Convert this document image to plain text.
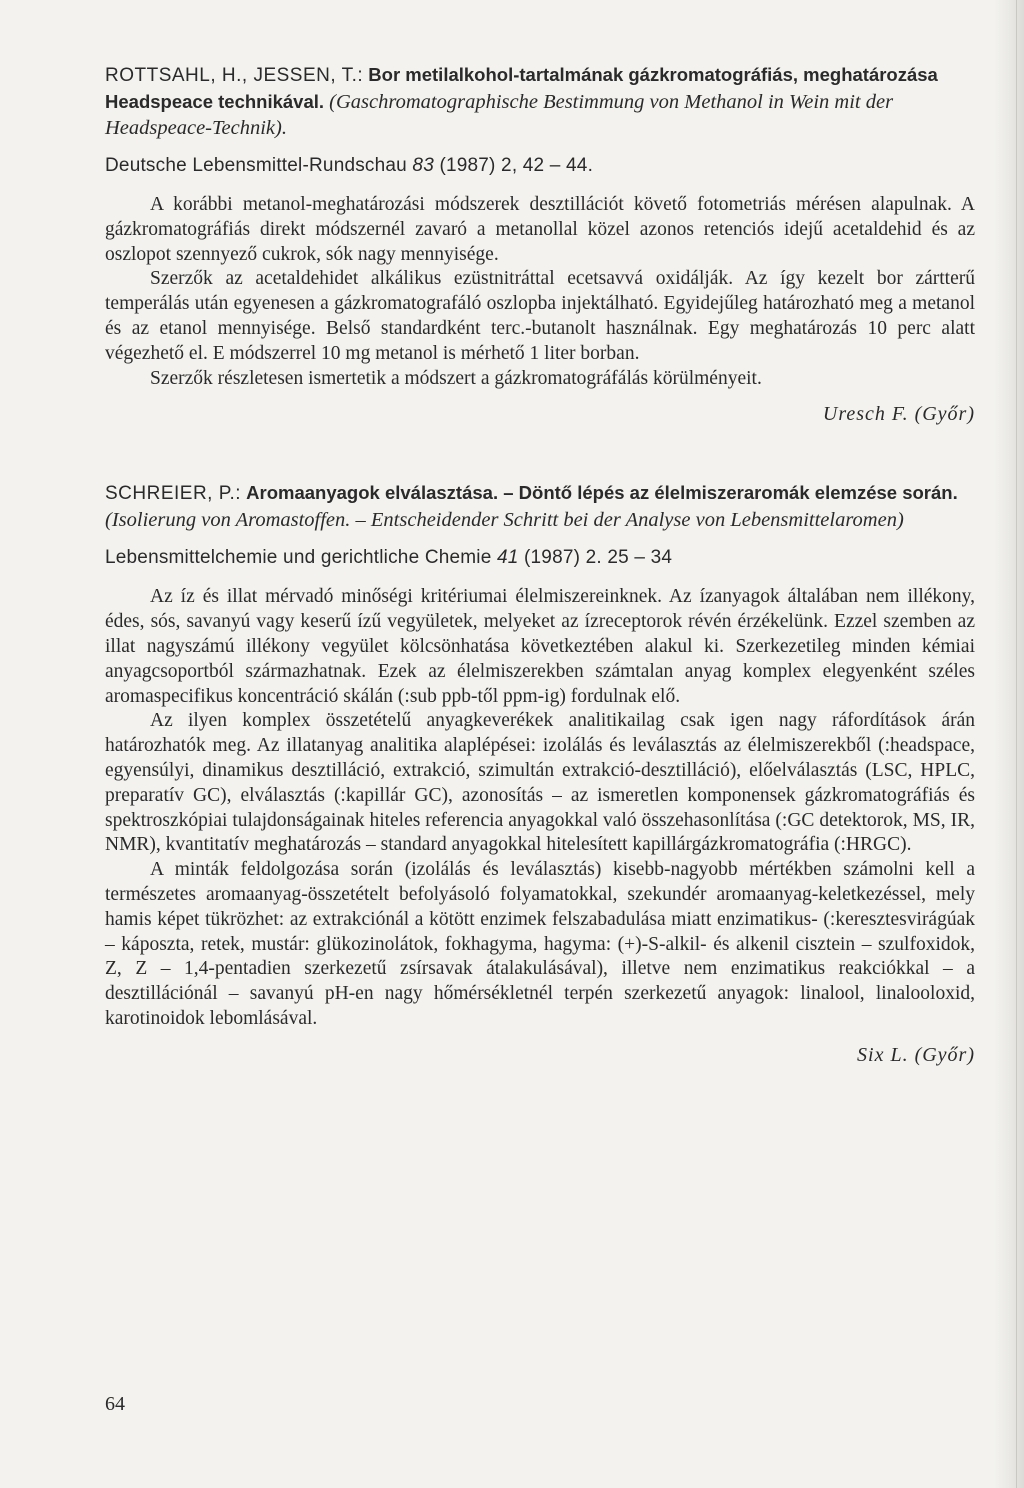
ROTTSAHL, H., JESSEN, T.: Bor metilalkohol-tartalmának gázkromatográfiás, meghatározása Headspeace technikával. (Gaschromatographische Bestimmung von Methanol in Wein mit der Headspeace-Technik).

Deutsche Lebensmittel-Rundschau 83 (1987) 2, 42 – 44.

A korábbi metanol-meghatározási módszerek desztillációt követő fotometriás mérésen alapulnak. A gázkromatográfiás direkt módszernél zavaró a metanollal közel azonos retenciós idejű acetaldehid és az oszlopot szennyező cukrok, sók nagy mennyisége.

Szerzők az acetaldehidet alkálikus ezüstnitráttal ecetsavvá oxidálják. Az így kezelt bor zártterű temperálás után egyenesen a gázkromatografáló oszlopba injektálható. Egyidejűleg határozható meg a metanol és az etanol mennyisége. Belső standardként terc.-butanolt használnak. Egy meghatározás 10 perc alatt végezhető el. E módszerrel 10 mg metanol is mérhető 1 liter borban.

Szerzők részletesen ismertetik a módszert a gázkromatográfálás körülményeit.

Uresch F. (Győr)

SCHREIER, P.: Aromaanyagok elválasztása. – Döntő lépés az élelmiszeraromák elemzése során. (Isolierung von Aromastoffen. – Entscheidender Schritt bei der Analyse von Lebensmittelaromen)

Lebensmittelchemie und gerichtliche Chemie 41 (1987) 2. 25 – 34

Az íz és illat mérvadó minőségi kritériumai élelmiszereinknek. Az ízanyagok általában nem illékony, édes, sós, savanyú vagy keserű ízű vegyületek, melyeket az ízreceptorok révén érzékelünk. Ezzel szemben az illat nagyszámú illékony vegyület kölcsönhatása következtében alakul ki. Szerkezetileg minden kémiai anyagcsoportból származhatnak. Ezek az élelmiszerekben számtalan anyag komplex elegyenként széles aromaspecifikus koncentráció skálán (:sub ppb-től ppm-ig) fordulnak elő.

Az ilyen komplex összetételű anyagkeverékek analitikailag csak igen nagy ráfordítások árán határozhatók meg. Az illatanyag analitika alaplépései: izolálás és leválasztás az élelmiszerekből (:headspace, egyensúlyi, dinamikus desztilláció, extrakció, szimultán extrakció-desztilláció), előelválasztás (LSC, HPLC, preparatív GC), elválasztás (:kapillár GC), azonosítás – az ismeretlen komponensek gázkromatográfiás és spektroszkópiai tulajdonságainak hiteles referencia anyagokkal való összehasonlítása (:GC detektorok, MS, IR, NMR), kvantitatív meghatározás – standard anyagokkal hitelesített kapillárgázkromatográfia (:HRGC).

A minták feldolgozása során (izolálás és leválasztás) kisebb-nagyobb mértékben számolni kell a természetes aromaanyag-összetételt befolyásoló folyamatokkal, szekundér aromaanyag-keletkezéssel, mely hamis képet tükrözhet: az extrakciónál a kötött enzimek felszabadulása miatt enzimatikus- (:keresztesvirágúak – káposzta, retek, mustár: glükozinolátok, fokhagyma, hagyma: (+)-S-alkil- és alkenil cisztein – szulfoxidok, Z, Z – 1,4-pentadien szerkezetű zsírsavak átalakulásával), illetve nem enzimatikus reakciókkal – a desztillációnál – savanyú pH-en nagy hőmérsékletnél terpén szerkezetű anyagok: linalool, linalooloxid, karotinoidok lebomlásával.

Six L. (Győr)

64
